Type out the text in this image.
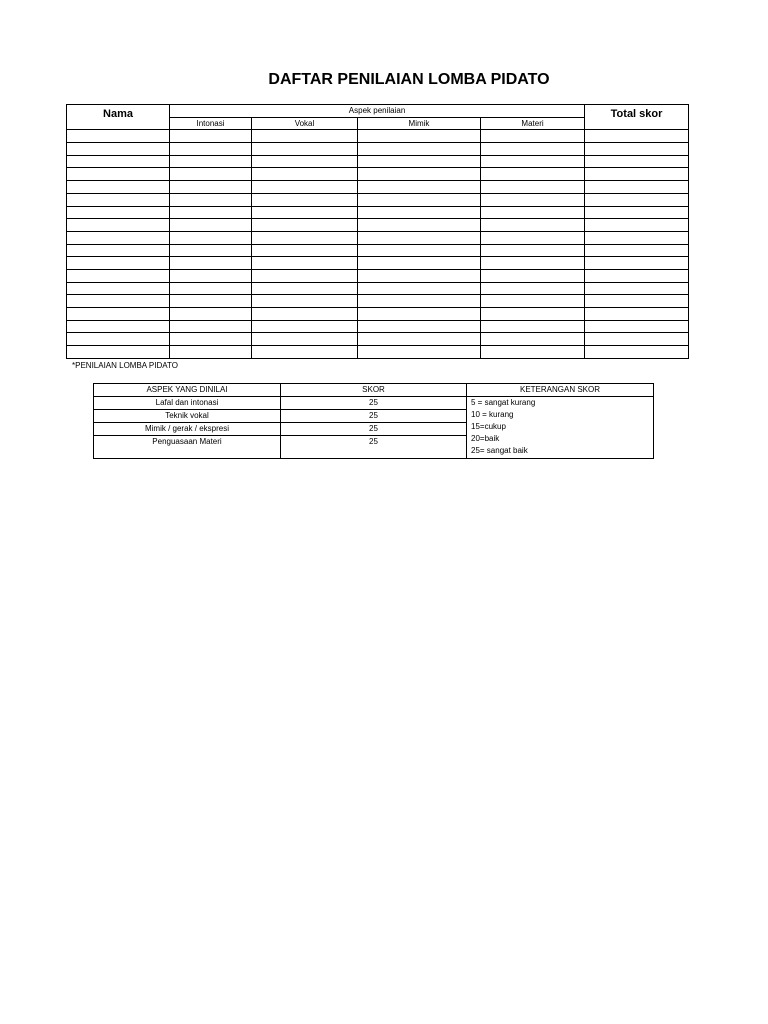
DAFTAR PENILAIAN LOMBA PIDATO
Nama	Aspek penilaian				Total skor
	Intonasi	Vokal	Mimik	Materi	

*PENILAIAN LOMBA PIDATO
ASPEK YANG DINILAI	SKOR	KETERANGAN SKOR
Lafal dan intonasi	25	5 = sangat kurang
10 = kurang
15=cukup
20=baik
25= sangat baik

Teknik vokal	25	
Mimik / gerak / ekspresi	25	
Penguasaan Materi	25	
